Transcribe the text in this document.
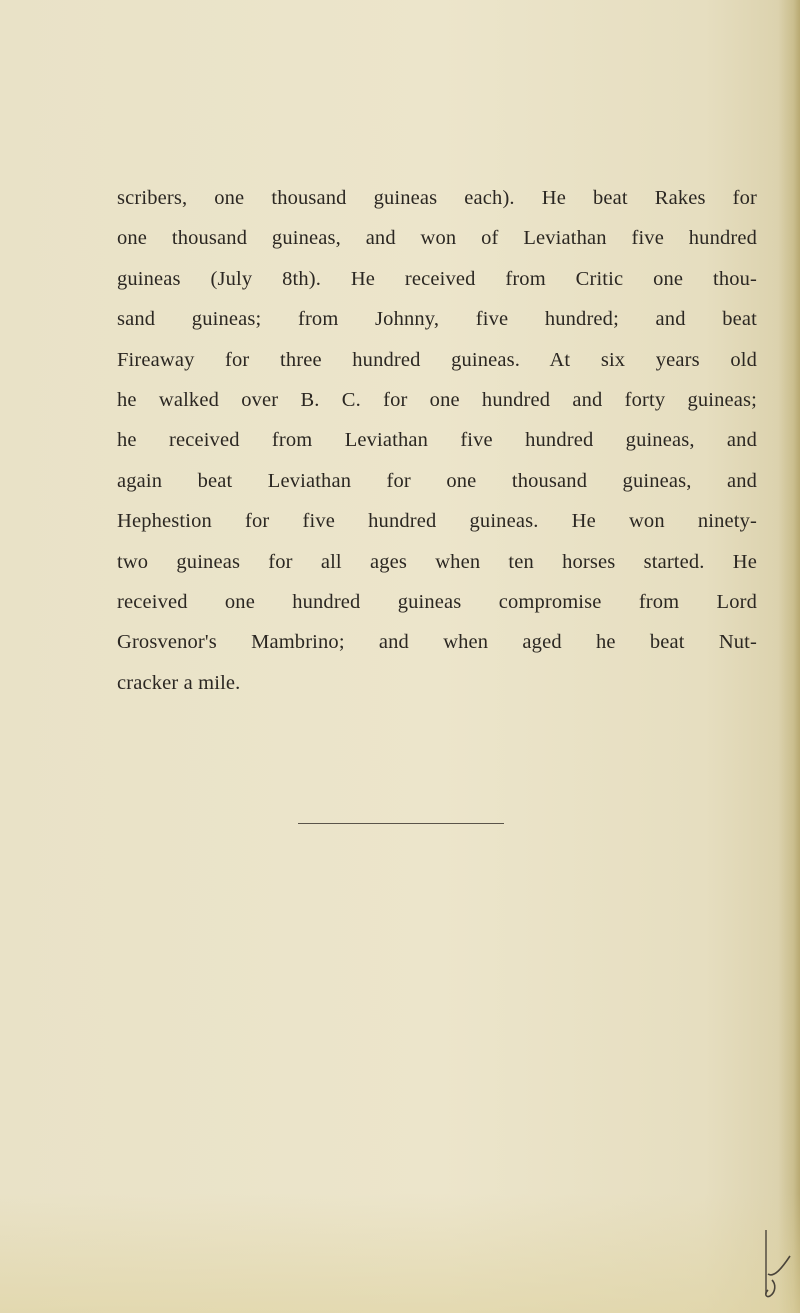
scribers, one thousand guineas each). He beat Rakes for
one thousand guineas, and won of Leviathan five hundred
guineas (July 8th). He received from Critic one thou-
sand guineas; from Johnny, five hundred; and beat
Fireaway for three hundred guineas. At six years old
he walked over B. C. for one hundred and forty guineas;
he received from Leviathan five hundred guineas, and
again beat Leviathan for one thousand guineas, and
Hephestion for five hundred guineas. He won ninety-
two guineas for all ages when ten horses started. He
received one hundred guineas compromise from Lord
Grosvenor's Mambrino; and when aged he beat Nut-
cracker a mile.
